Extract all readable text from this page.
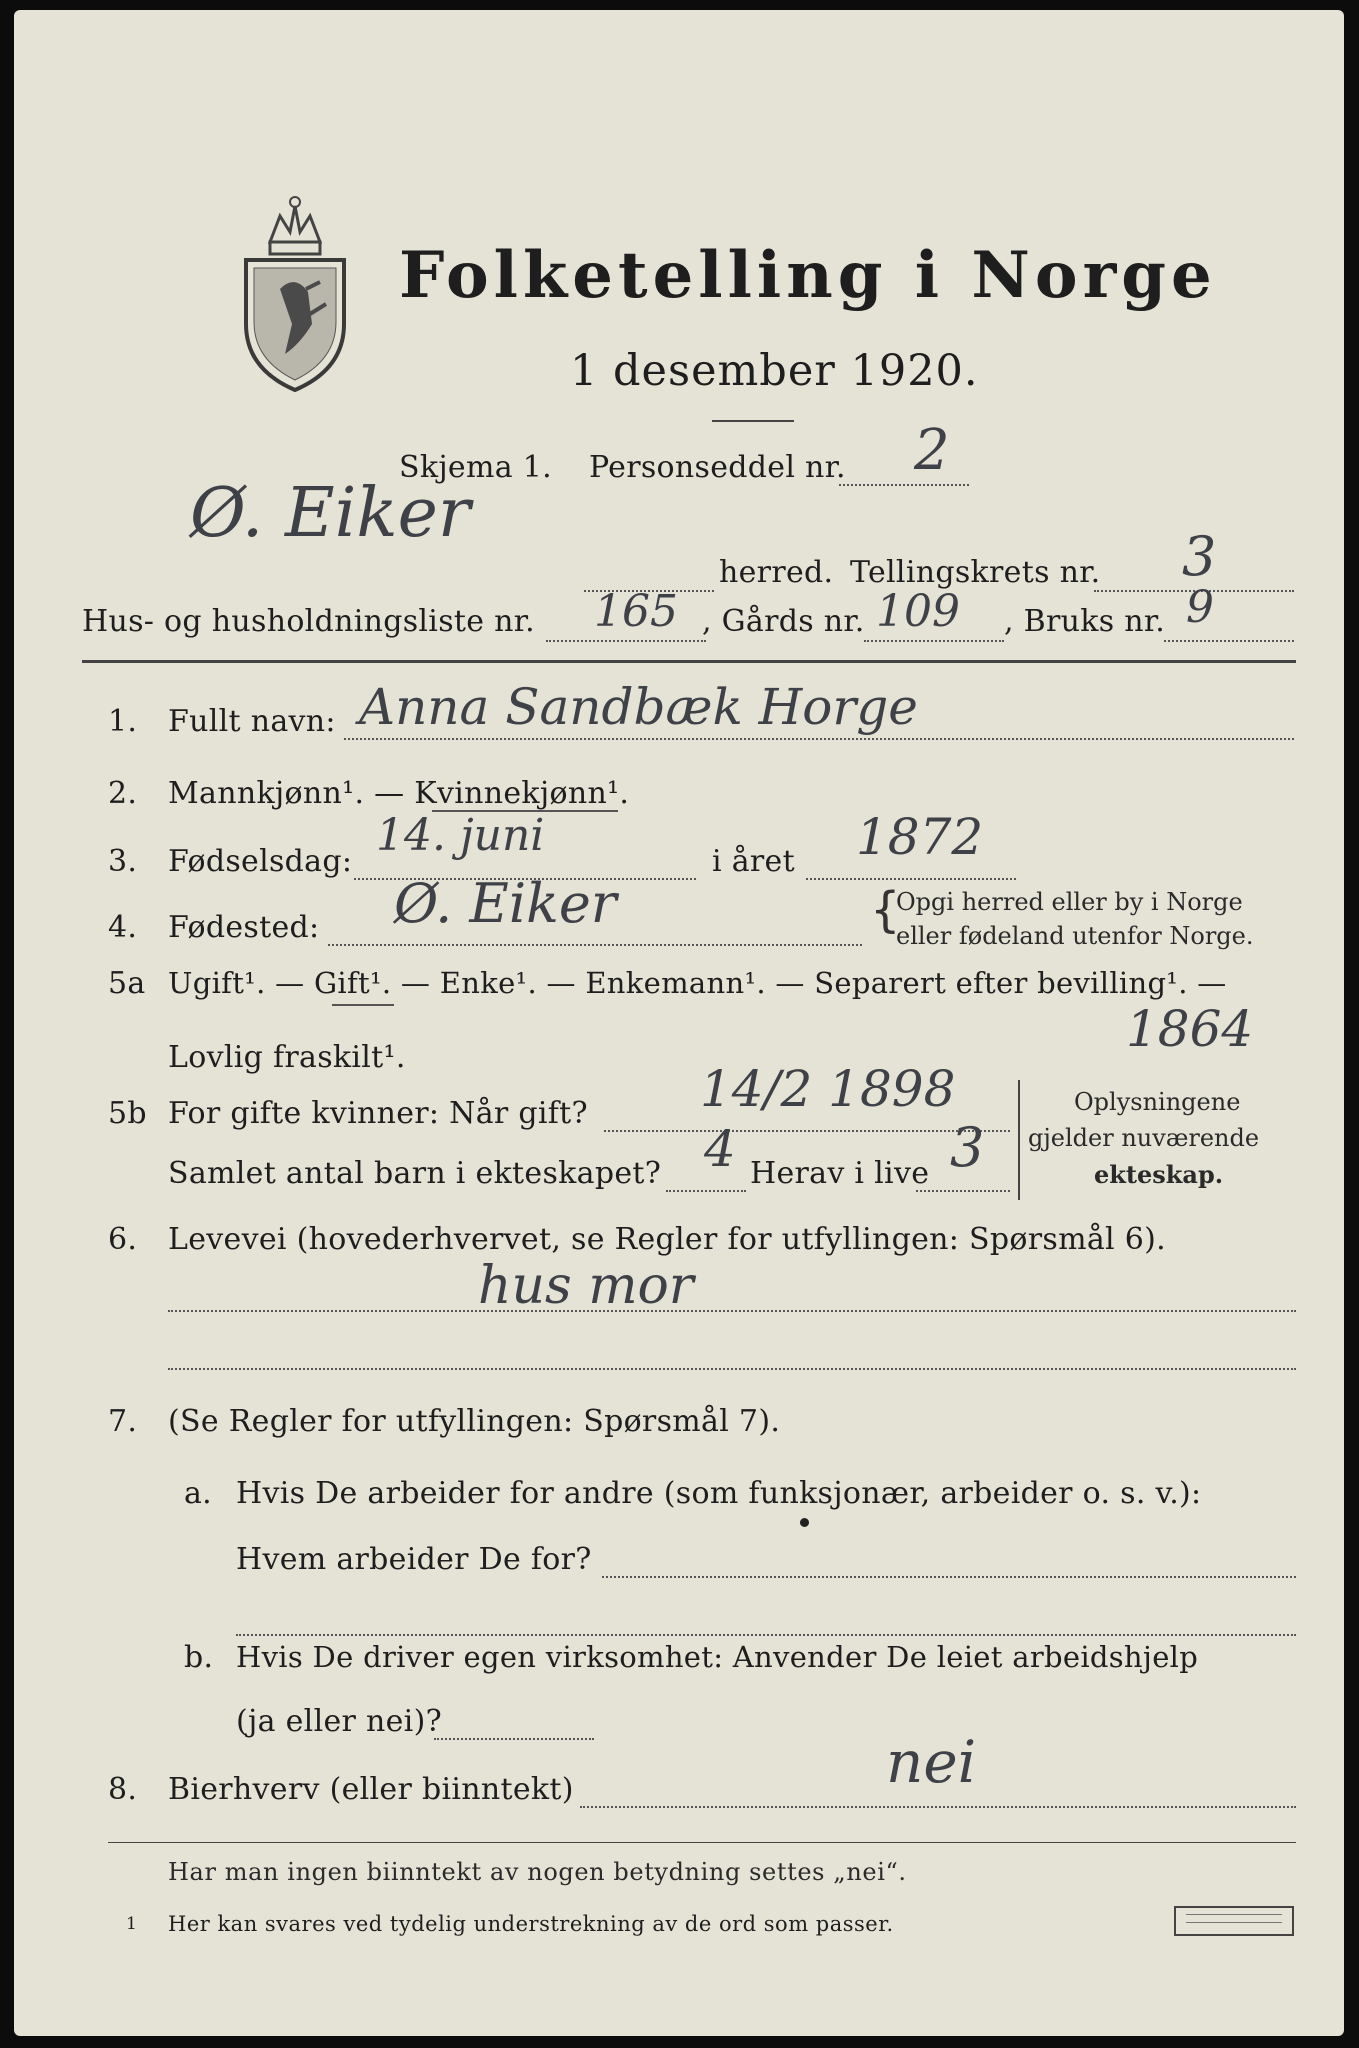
Folketelling i Norge
1 desember 1920.
Skjema 1. Personseddel nr. 2
Ø. Eiker
herred. Tellingskrets nr. 3
Hus- og husholdningsliste nr. 165 , Gårds nr. 109 , Bruks nr. 9
1. Fullt navn: Anna Sandbæk Horge
2. Mannkjønn¹. — Kvinnekjønn¹.
3. Fødselsdag:
14. juni
i året 1872
4. Fødested: Ø. Eiker	{
Opgi herred eller by i Norge
eller fødeland utenfor Norge.
5a Ugift¹. — Gift¹. — Enke¹. — Enkemann¹. — Separert efter bevilling¹. —
Lovlig fraskilt¹.	1864
5b For gifte kvinner: Når gift? 14/2 1898
Samlet antal barn i ekteskapet? 4 Herav i live 3
Oplysningene
gjelder nuværende
ekteskap.
6. Levevei (hovederhvervet, se Regler for utfyllingen: Spørsmål 6).
hus mor
7. (Se Regler for utfyllingen: Spørsmål 7).
a. Hvis De arbeider for andre (som funksjonær, arbeider o. s. v.):
Hvem arbeider De for?
b. Hvis De driver egen virksomhet: Anvender De leiet arbeidshjelp
(ja eller nei)?
8. Bierhverv (eller biinntekt)	nei
Har man ingen biinntekt av nogen betydning settes „nei“.
1 Her kan svares ved tydelig understrekning av de ord som passer.
